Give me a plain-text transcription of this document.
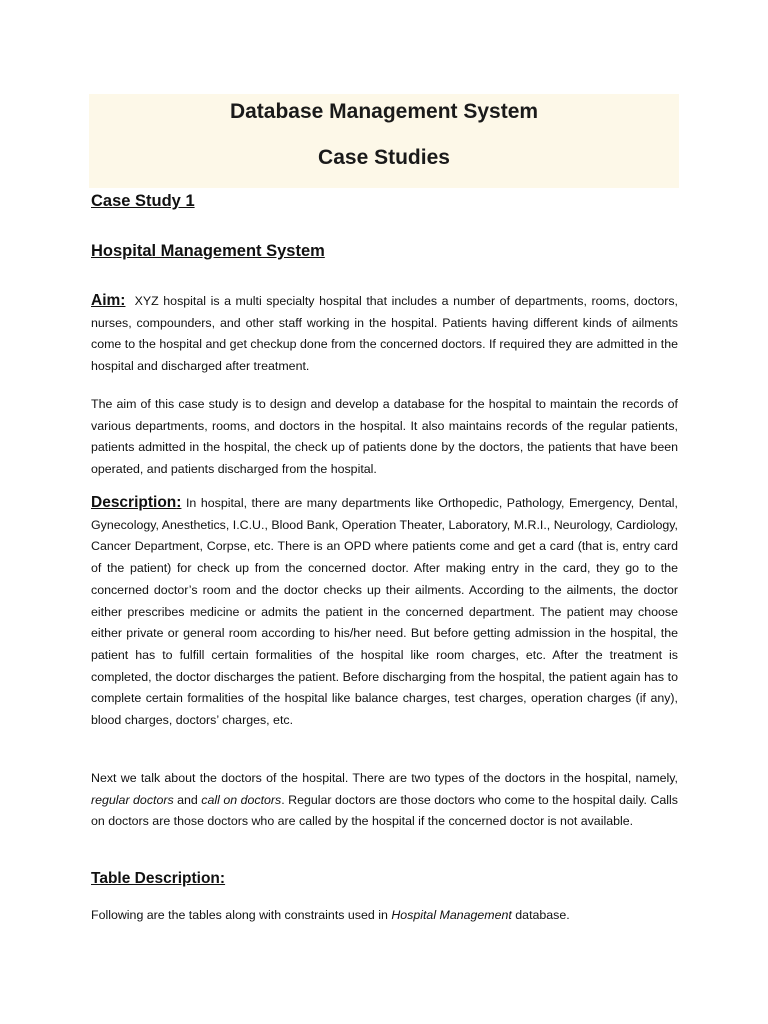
Database Management System
Case Studies
Case Study 1
Hospital Management System
Aim: XYZ hospital is a multi specialty hospital that includes a number of departments, rooms, doctors, nurses, compounders, and other staff working in the hospital. Patients having different kinds of ailments come to the hospital and get checkup done from the concerned doctors. If required they are admitted in the hospital and discharged after treatment.
The aim of this case study is to design and develop a database for the hospital to maintain the records of various departments, rooms, and doctors in the hospital. It also maintains records of the regular patients, patients admitted in the hospital, the check up of patients done by the doctors, the patients that have been operated, and patients discharged from the hospital.
Description: In hospital, there are many departments like Orthopedic, Pathology, Emergency, Dental, Gynecology, Anesthetics, I.C.U., Blood Bank, Operation Theater, Laboratory, M.R.I., Neurology, Cardiology, Cancer Department, Corpse, etc. There is an OPD where patients come and get a card (that is, entry card of the patient) for check up from the concerned doctor. After making entry in the card, they go to the concerned doctor’s room and the doctor checks up their ailments. According to the ailments, the doctor either prescribes medicine or admits the patient in the concerned department. The patient may choose either private or general room according to his/her need. But before getting admission in the hospital, the patient has to fulfill certain formalities of the hospital like room charges, etc. After the treatment is completed, the doctor discharges the patient. Before discharging from the hospital, the patient again has to complete certain formalities of the hospital like balance charges, test charges, operation charges (if any), blood charges, doctors’ charges, etc.
Next we talk about the doctors of the hospital. There are two types of the doctors in the hospital, namely, regular doctors and call on doctors. Regular doctors are those doctors who come to the hospital daily. Calls on doctors are those doctors who are called by the hospital if the concerned doctor is not available.
Table Description:
Following are the tables along with constraints used in Hospital Management database.
